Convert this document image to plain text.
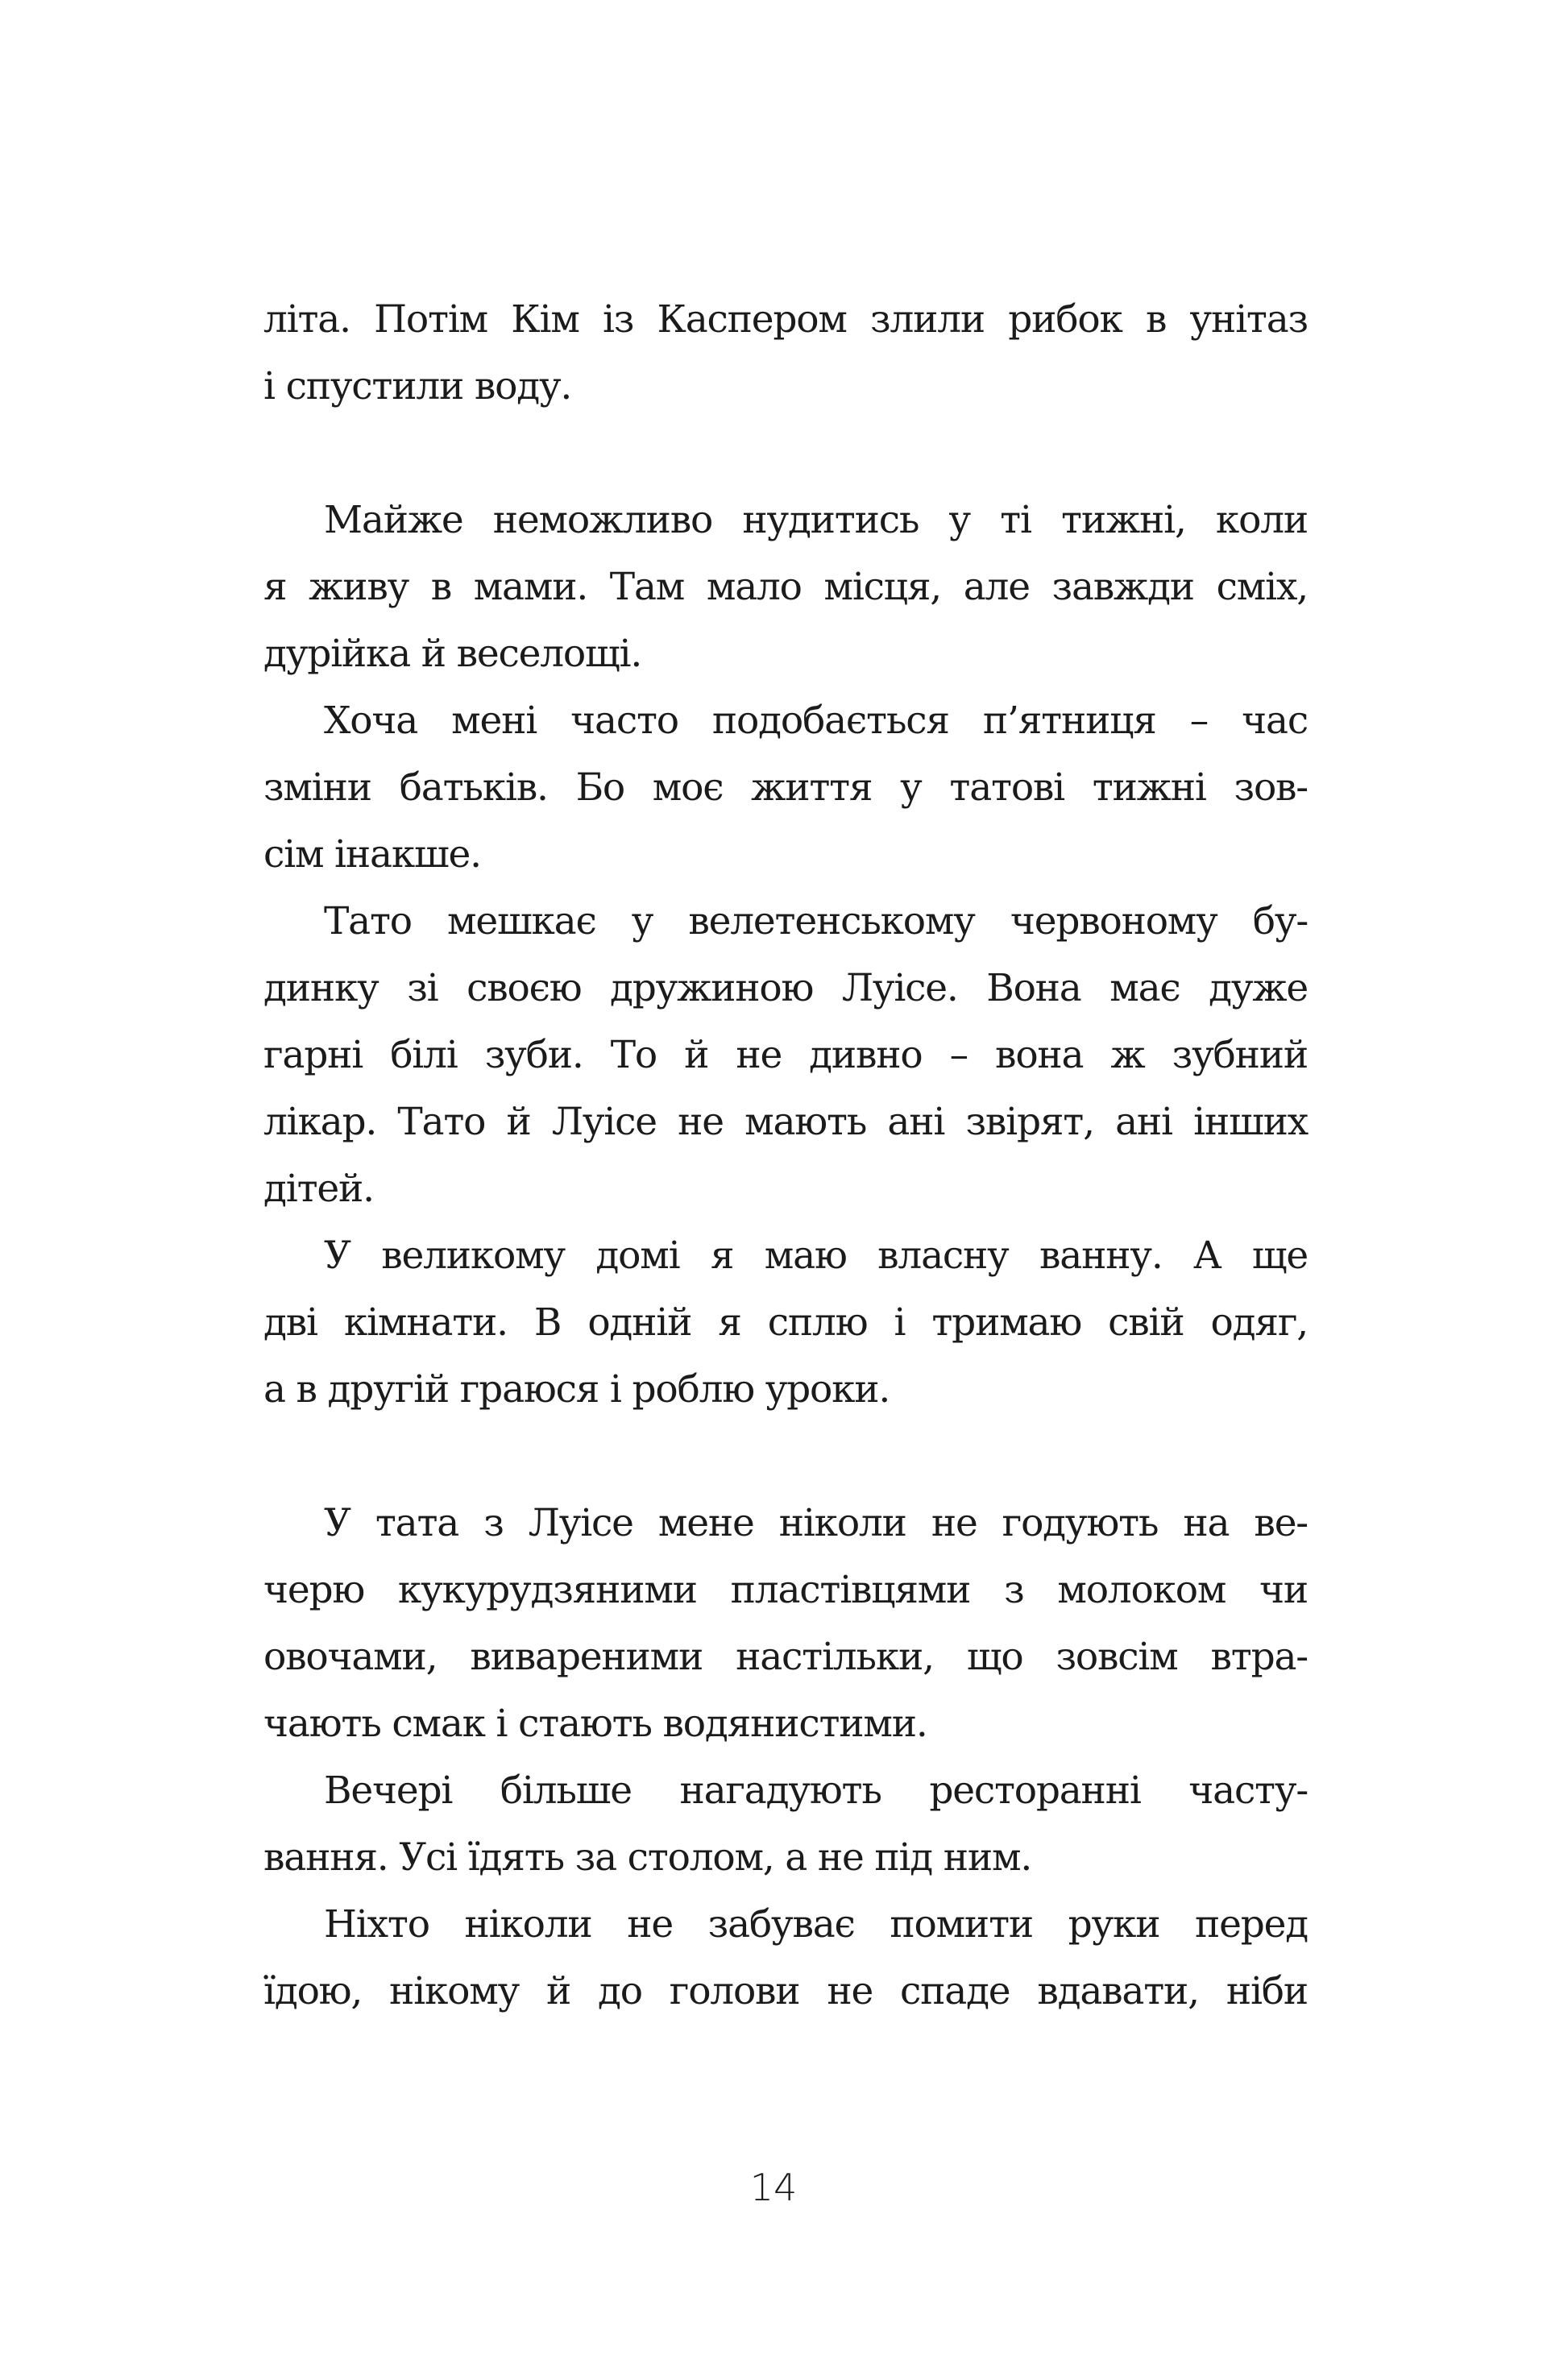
літа. Потім Кім із Каспером злили рибок в унітаз
і спустили воду.
Майже неможливо нудитись у ті тижні, коли
я живу в мами. Там мало місця, але завжди сміх,
дурійка й веселощі.
Хоча мені часто подобається п’ятниця – час
зміни батьків. Бо моє життя у татові тижні зов-
сім інакше.
Тато мешкає у велетенському червоному бу-
динку зі своєю дружиною Луісе. Вона має дуже
гарні білі зуби. То й не дивно – вона ж зубний
лікар. Тато й Луісе не мають ані звірят, ані інших
дітей.
У великому домі я маю власну ванну. А ще
дві кімнати. В одній я сплю і тримаю свій одяг,
а в другій граюся і роблю уроки.
У тата з Луісе мене ніколи не годують на ве-
черю кукурудзяними пластівцями з молоком чи
овочами, вивареними настільки, що зовсім втра-
чають смак і стають водянистими.
Вечері більше нагадують ресторанні часту-
вання. Усі їдять за столом, а не під ним.
Ніхто ніколи не забуває помити руки перед
їдою, нікому й до голови не спаде вдавати, ніби
14
